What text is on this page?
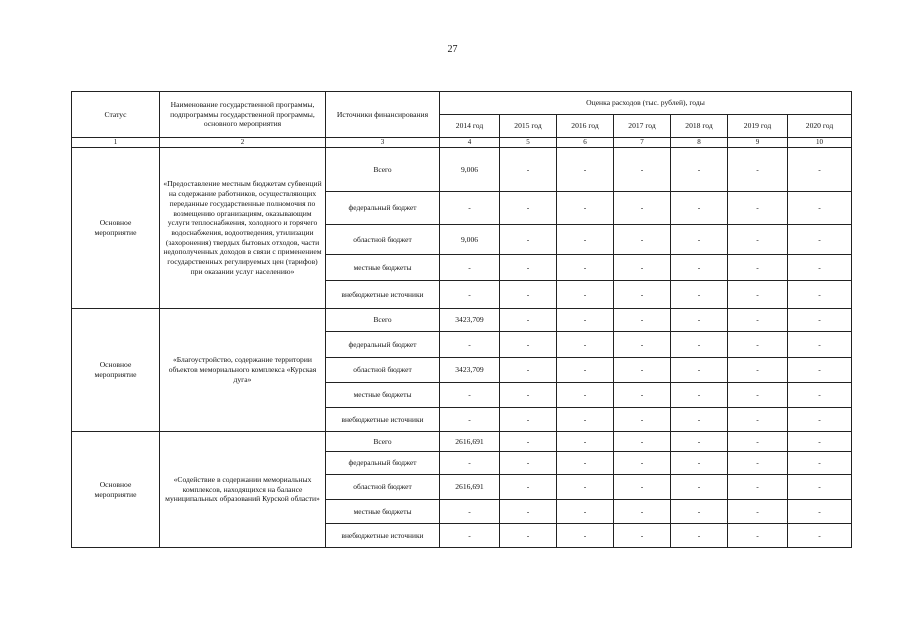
27
Статус	Наименование государственной программы, подпрограммы государственной программы, основного мероприятия	Источники финансирования	Оценка расходов (тыс. рублей), годы						
			2014 год	2015 год	2016 год	2017 год	2018 год	2019 год	2020 год
1	2	3	4	5	6	7	8	9	10
Основное мероприятие	«Предоставление местным бюджетам субвенций на содержание работников, осуществляющих переданные государственные полномочия по возмещению организациям, оказывающим услуги теплоснабжения, холодного и горячего водоснабжения, водоотведения, утилизации (захоронения) твердых бытовых отходов, части недополученных доходов в связи с применением государственных регулируемых цен (тарифов) при оказании услуг населению»	Всего	9,006	-	-	-	-	-	-
		федеральный бюджет	-	-	-	-	-	-	-
		областной бюджет	9,006	-	-	-	-	-	-
		местные бюджеты	-	-	-	-	-	-	-
		внебюджетные источники	-	-	-	-	-	-	-
Основное мероприятие	«Благоустройство, содержание территории объектов мемориального комплекса «Курская дуга»	Всего	3423,709	-	-	-	-	-	-
		федеральный бюджет	-	-	-	-	-	-	-
		областной бюджет	3423,709	-	-	-	-	-	-
		местные бюджеты	-	-	-	-	-	-	-
		внебюджетные источники	-	-	-	-	-	-	-
Основное мероприятие	«Содействие в содержании мемориальных комплексов, находящихся на балансе муниципальных образований Курской области»	Всего	2616,691	-	-	-	-	-	-
		федеральный бюджет	-	-	-	-	-	-	-
		областной бюджет	2616,691	-	-	-	-	-	-
		местные бюджеты	-	-	-	-	-	-	-
		внебюджетные источники	-	-	-	-	-	-	-
